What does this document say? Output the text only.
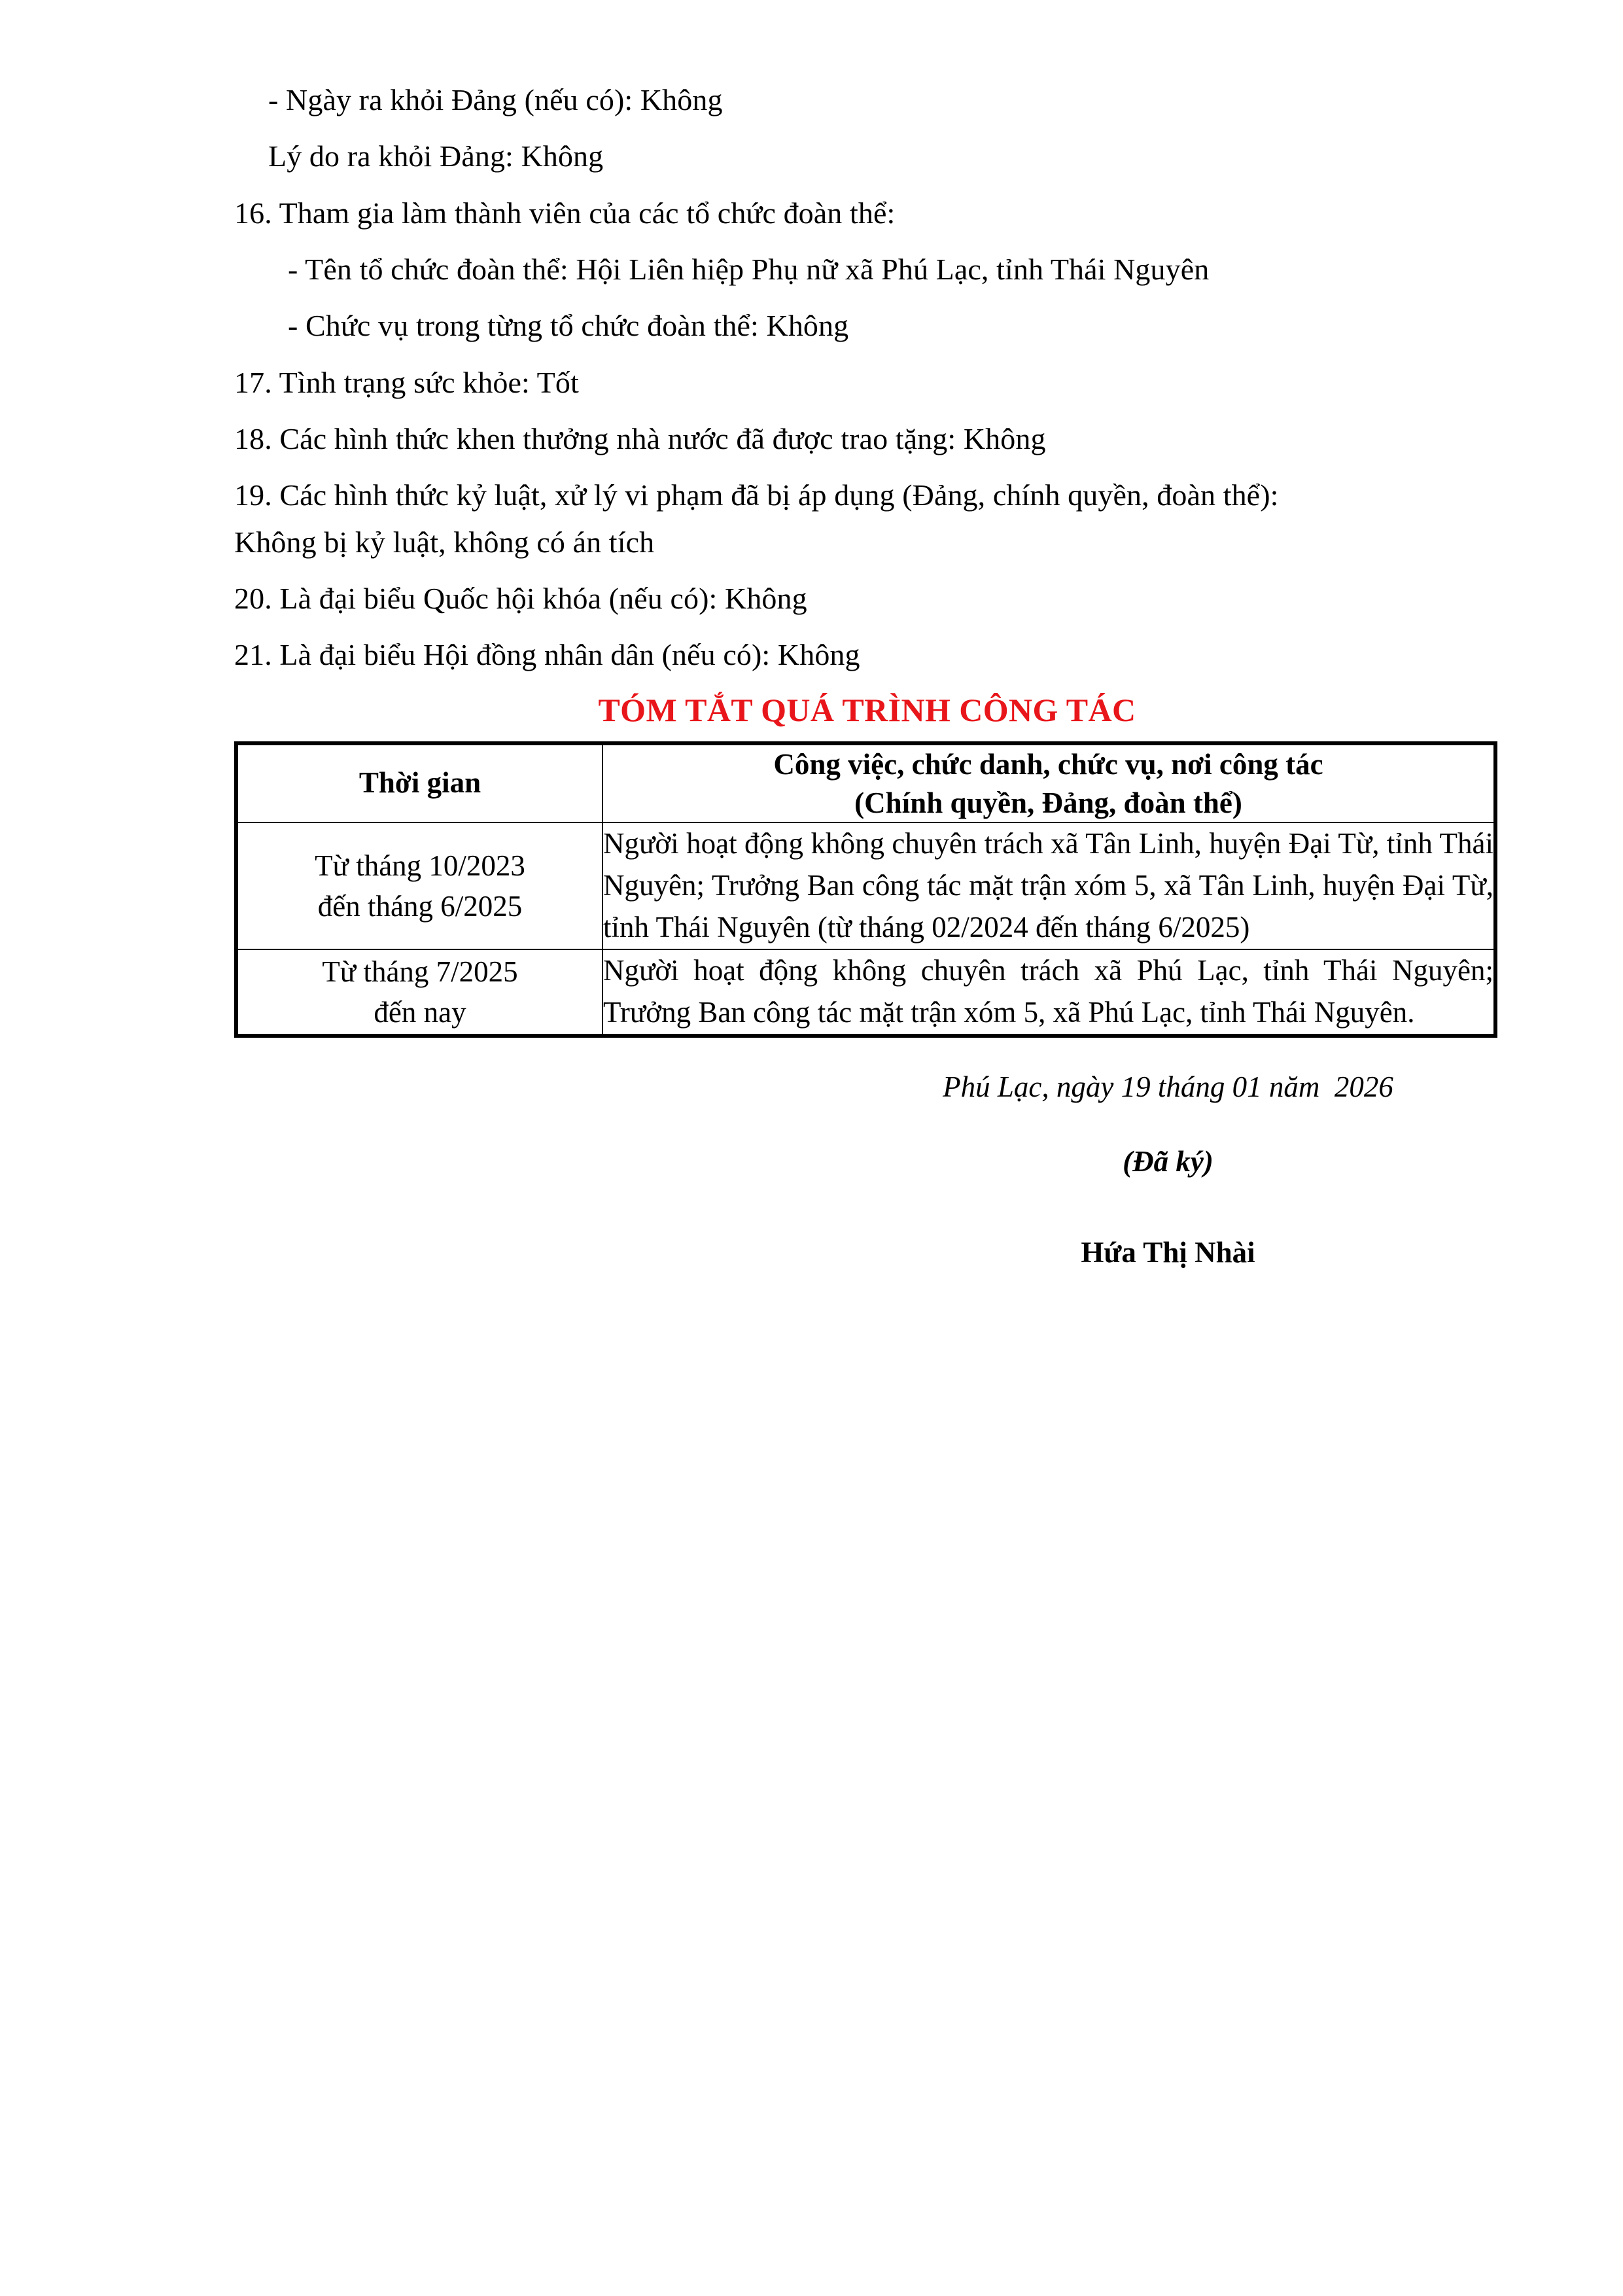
- Ngày ra khỏi Đảng (nếu có): Không

Lý do ra khỏi Đảng: Không

16. Tham gia làm thành viên của các tổ chức đoàn thể:

- Tên tổ chức đoàn thể: Hội Liên hiệp Phụ nữ xã Phú Lạc, tỉnh Thái Nguyên

- Chức vụ trong từng tổ chức đoàn thể: Không

17. Tình trạng sức khỏe: Tốt

18. Các hình thức khen thưởng nhà nước đã được trao tặng: Không

19. Các hình thức kỷ luật, xử lý vi phạm đã bị áp dụng (Đảng, chính quyền, đoàn thể):

Không bị kỷ luật, không có án tích

20. Là đại biểu Quốc hội khóa (nếu có): Không

21. Là đại biểu Hội đồng nhân dân (nếu có): Không

TÓM TẮT QUÁ TRÌNH CÔNG TÁC
Thời gian	Công việc, chức danh, chức vụ, nơi công tác
(Chính quyền, Đảng, đoàn thể)

Từ tháng 10/2023
đến tháng 6/2025	Người hoạt động không chuyên trách xã Tân Linh, huyện Đại Từ, tỉnh Thái Nguyên; Trưởng Ban công tác mặt trận xóm 5, xã Tân Linh, huyện Đại Từ, tỉnh Thái Nguyên (từ tháng 02/2024 đến tháng 6/2025)

Từ tháng 7/2025
đến nay	Người hoạt động không chuyên trách xã Phú Lạc, tỉnh Thái Nguyên; Trưởng Ban công tác mặt trận xóm 5, xã Phú Lạc, tỉnh Thái Nguyên.
Phú Lạc, ngày 19 tháng 01 năm  2026
(Đã ký)
Hứa Thị Nhài
